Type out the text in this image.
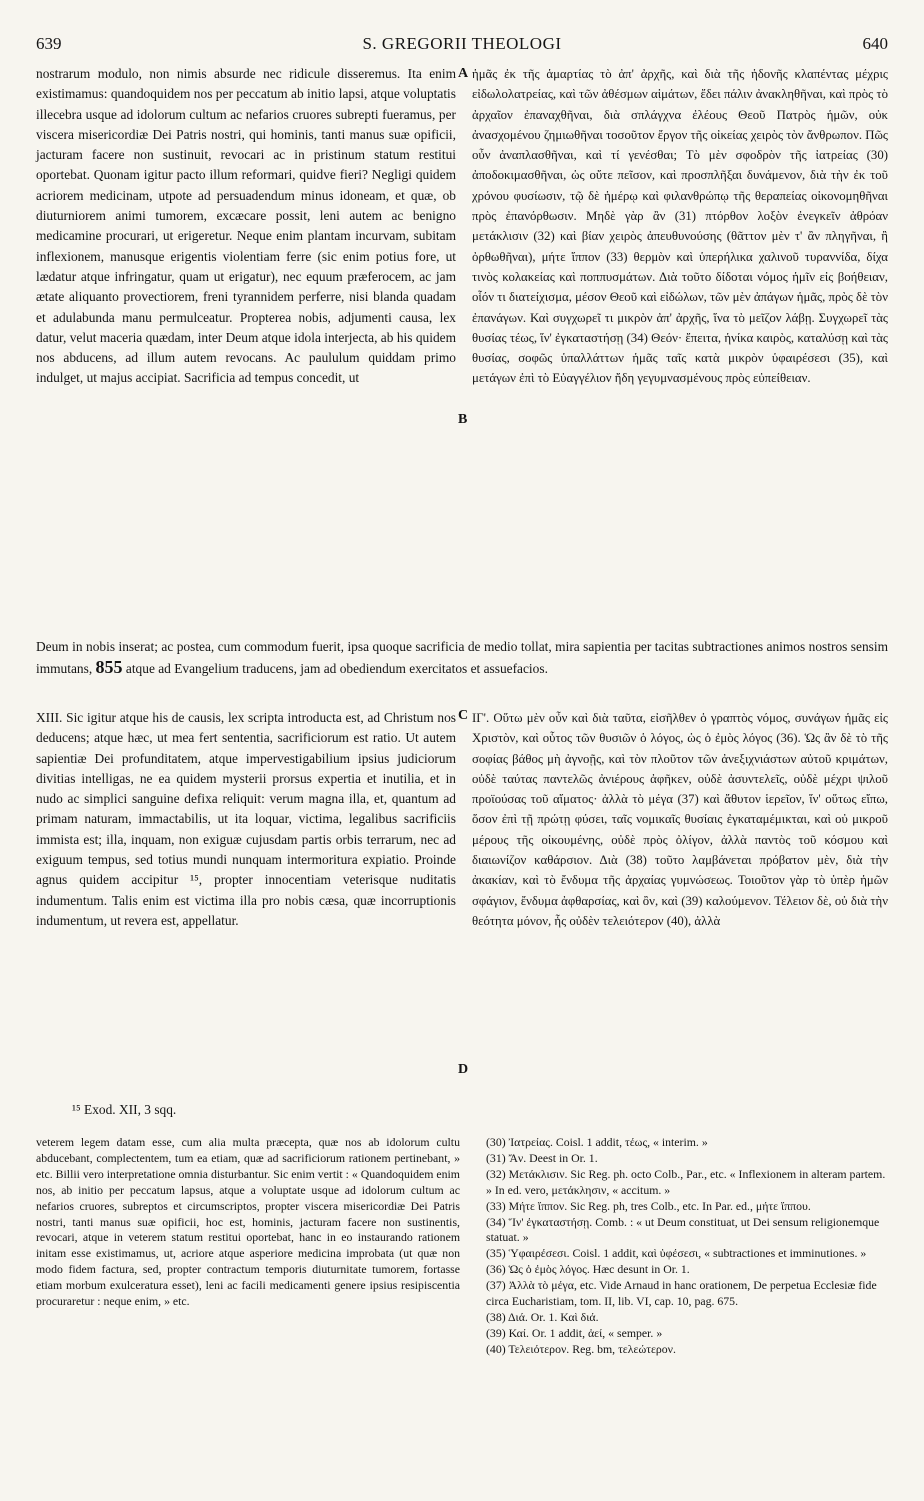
639	S. GREGORII THEOLOGI	640

nostrarum modulo, non nimis absurde nec ridicule disseremus. Ita enim existimamus: quandoquidem nos per peccatum ab initio lapsi, atque voluptatis illecebra usque ad idolorum cultum ac nefarios cruores subrepti fueramus, per viscera misericordiæ Dei Patris nostri, qui hominis, tanti manus suæ opificii, jacturam facere non sustinuit, revocari ac in pristinum statum restitui oportebat. Quonam igitur pacto illum reformari, quidve fieri? Negligi quidem acriorem medicinam, utpote ad persuadendum minus idoneam, et quæ, ob diuturniorem animi tumorem, excæcare possit, leni autem ac benigno medicamine procurari, ut erigeretur. Neque enim plantam incurvam, subitam inflexionem, manusque erigentis violentiam ferre (sic enim potius fore, ut lædatur atque infringatur, quam ut erigatur), nec equum præferocem, ac jam ætate aliquanto provectiorem, freni tyrannidem perferre, nisi blanda quadam et adulabunda manu permulceatur. Propterea nobis, adjumenti causa, lex datur, velut maceria quædam, inter Deum atque idola interjecta, ab his quidem nos abducens, ad illum autem revocans. Ac paululum quiddam primo indulget, ut majus accipiat. Sacrificia ad tempus concedit, ut

ἡμᾶς ἐκ τῆς ἁμαρτίας τὸ ἀπ' ἀρχῆς, καὶ διὰ τῆς ἡδονῆς κλαπέντας μέχρις εἰδωλολατρείας, καὶ τῶν ἀθέσμων αἱμάτων, ἔδει πάλιν ἀνακληθῆναι, καὶ πρὸς τὸ ἀρχαῖον ἐπαναχθῆναι, διὰ σπλάγχνα ἐλέους Θεοῦ Πατρὸς ἡμῶν, οὐκ ἀνασχομένου ζημιωθῆναι τοσοῦτον ἔργον τῆς οἰκείας χειρὸς τὸν ἄνθρωπον. Πῶς οὖν ἀναπλασθῆναι, καὶ τί γενέσθαι; Τὸ μὲν σφοδρὸν τῆς ἰατρείας (30) ἀποδοκιμασθῆναι, ὡς οὔτε πεῖσον, καὶ προσπλῆξαι δυνάμενον, διὰ τὴν ἐκ τοῦ χρόνου φυσίωσιν, τῷ δὲ ἡμέρῳ καὶ φιλανθρώπῳ τῆς θεραπείας οἰκονομηθῆναι πρὸς ἐπανόρθωσιν. Μηδὲ γὰρ ἂν (31) πτόρθον λοξὸν ἐνεγκεῖν ἀθρόαν μετάκλισιν (32) καὶ βίαν χειρὸς ἀπευθυνούσης (θᾶττον μὲν τ' ἂν πληγῆναι, ἢ ὀρθωθῆναι), μήτε ἵππον (33) θερμὸν καὶ ὑπερήλικα χαλινοῦ τυραννίδα, δίχα τινὸς κολακείας καὶ ποππυσμάτων. Διὰ τοῦτο δίδοται νόμος ἡμῖν εἰς βοήθειαν, οἷόν τι διατείχισμα, μέσον Θεοῦ καὶ εἰδώλων, τῶν μὲν ἀπάγων ἡμᾶς, πρὸς δὲ τὸν ἐπανάγων. Καὶ συγχωρεῖ τι μικρὸν ἀπ' ἀρχῆς, ἵνα τὸ μεῖζον λάβῃ. Συγχωρεῖ τὰς θυσίας τέως, ἵν' ἐγκαταστήσῃ (34) Θεόν· ἔπειτα, ἡνίκα καιρὸς, καταλύσῃ καὶ τὰς θυσίας, σοφῶς ὑπαλλάττων ἡμᾶς ταῖς κατὰ μικρὸν ὑφαιρέσεσι (35), καὶ μετάγων ἐπὶ τὸ Εὐαγγέλιον ἤδη γεγυμνασμένους πρὸς εὐπείθειαν.

A
B
C
D
Deum in nobis inserat; ac postea, cum commodum fuerit, ipsa quoque sacrificia de medio tollat, mira sapientia per tacitas subtractiones animos nostros sensim immutans, 855 atque ad Evangelium traducens, jam ad obediendum exercitatos et assuefacios.

XIII. Sic igitur atque his de causis, lex scripta introducta est, ad Christum nos deducens; atque hæc, ut mea fert sententia, sacrificiorum est ratio. Ut autem sapientiæ Dei profunditatem, atque impervestigabilium ipsius judiciorum divitias intelligas, ne ea quidem mysterii prorsus expertia et inutilia, et in nudo ac simplici sanguine defixa reliquit: verum magna illa, et, quantum ad primam naturam, immactabilis, ut ita loquar, victima, legalibus sacrificiis immista est; illa, inquam, non exiguæ cujusdam partis orbis terrarum, nec ad exiguum tempus, sed totius mundi nunquam intermoritura expiatio. Proinde agnus quidem accipitur ¹⁵, propter innocentiam veterisque nuditatis indumentum. Talis enim est victima illa pro nobis cæsa, quæ incorruptionis indumentum, ut revera est, appellatur.

ΙΓ'. Οὕτω μὲν οὖν καὶ διὰ ταῦτα, εἰσῆλθεν ὁ γραπτὸς νόμος, συνάγων ἡμᾶς εἰς Χριστὸν, καὶ οὗτος τῶν θυσιῶν ὁ λόγος, ὡς ὁ ἐμὸς λόγος (36). Ὡς ἂν δὲ τὸ τῆς σοφίας βάθος μὴ ἀγνοῇς, καὶ τὸν πλοῦτον τῶν ἀνεξιχνιάστων αὐτοῦ κριμάτων, οὐδὲ ταύτας παντελῶς ἀνιέρους ἀφῆκεν, οὐδὲ ἀσυντελεῖς, οὐδὲ μέχρι ψιλοῦ προϊούσας τοῦ αἵματος· ἀλλὰ τὸ μέγα (37) καὶ ἄθυτον ἱερεῖον, ἵν' οὕτως εἴπω, ὅσον ἐπὶ τῇ πρώτῃ φύσει, ταῖς νομικαῖς θυσίαις ἐγκαταμέμικται, καὶ οὐ μικροῦ μέρους τῆς οἰκουμένης, οὐδὲ πρὸς ὀλίγον, ἀλλὰ παντὸς τοῦ κόσμου καὶ διαιωνίζον καθάρσιον. Διὰ (38) τοῦτο λαμβάνεται πρόβατον μὲν, διὰ τὴν ἀκακίαν, καὶ τὸ ἔνδυμα τῆς ἀρχαίας γυμνώσεως. Τοιοῦτον γὰρ τὸ ὑπὲρ ἡμῶν σφάγιον, ἔνδυμα ἀφθαρσίας, καὶ ὂν, καὶ (39) καλούμενον. Τέλειον δὲ, οὐ διὰ τὴν θεότητα μόνον, ἧς οὐδὲν τελειότερον (40), ἀλλὰ

¹⁵ Exod. XII, 3 sqq.

veterem legem datam esse, cum alia multa præcepta, quæ nos ab idolorum cultu abducebant, complectentem, tum ea etiam, quæ ad sacrificiorum rationem pertinebant, » etc. Billii vero interpretatione omnia disturbantur. Sic enim vertit : « Quandoquidem enim nos, ab initio per peccatum lapsus, atque a voluptate usque ad idolorum cultum ac nefarios cruores, subreptos et circumscriptos, propter viscera misericordiæ Dei Patris nostri, tanti manus suæ opificii, hoc est, hominis, jacturam facere non sustinentis, revocari, atque in veterem statum restitui oportebat, hanc in eo instaurando rationem initam esse existimamus, ut, acriore atque asperiore medicina improbata (ut quæ non modo fidem factura, sed, propter contractum temporis diuturnitate tumorem, fortasse etiam morbum exulceratura esset), leni ac facili medicamenti genere ipsius resipiscentia procuraretur : neque enim, » etc.

(30) Ἰατρείας. Coisl. 1 addit, τέως, « interim. »

(31) Ἄν. Deest in Or. 1.

(32) Μετάκλισιν. Sic Reg. ph. octo Colb., Par., etc. « Inflexionem in alteram partem. » In ed. vero, μετάκλησιν, « accitum. »

(33) Μήτε ἵππον. Sic Reg. ph, tres Colb., etc. In Par. ed., μήτε ἵππου.

(34) Ἵν' ἐγκαταστήσῃ. Comb. : « ut Deum constituat, ut Dei sensum religionemque statuat. »

(35) Ὑφαιρέσεσι. Coisl. 1 addit, καὶ ὑφέσεσι, « subtractiones et imminutiones. »

(36) Ὡς ὁ ἐμὸς λόγος. Hæc desunt in Or. 1.

(37) Ἀλλὰ τὸ μέγα, etc. Vide Arnaud in hanc orationem, De perpetua Ecclesiæ fide circa Eucharistiam, tom. II, lib. VI, cap. 10, pag. 675.

(38) Διά. Or. 1. Καὶ διά.

(39) Καί. Or. 1 addit, ἀεί, « semper. »

(40) Τελειότερον. Reg. bm, τελεώτερον.
